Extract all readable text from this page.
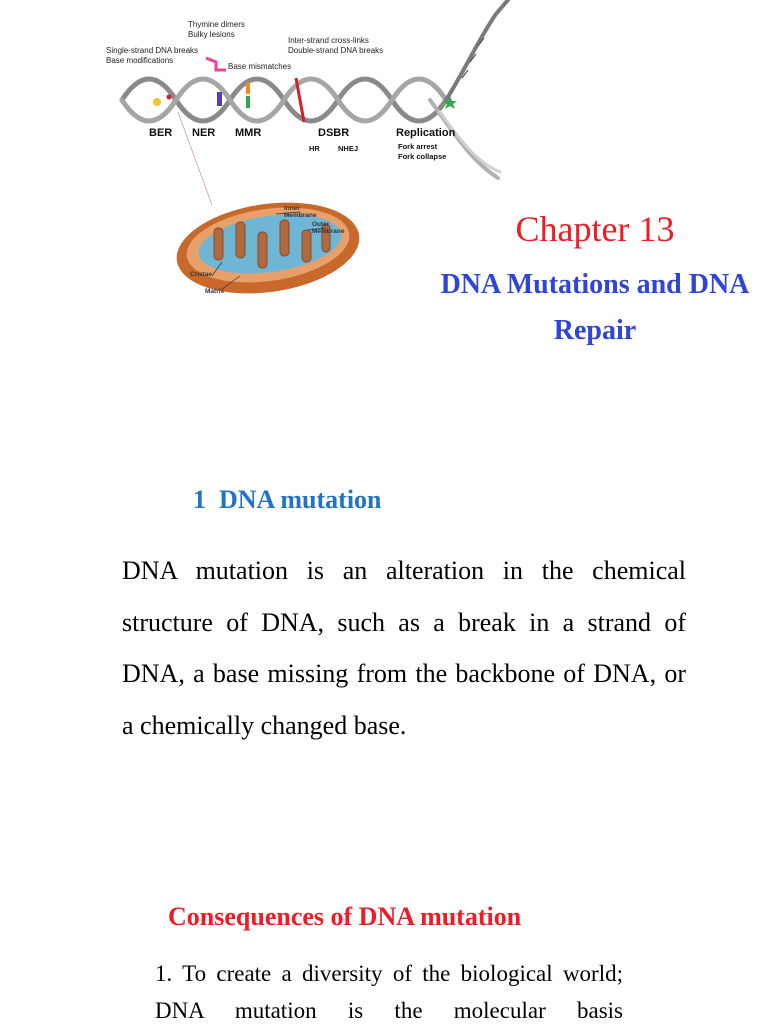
Single-strand DNA breaks
Base modifications
Thymine dimers
Bulky lesions
Base mismatches
Inter-strand cross-links
Double-strand DNA breaks
BER NER MMR	DSBR
HR NHEJ
Replication
Fork arrest
Fork collapse
Inner
Membrane
Outer
Membrane
Cristae
Matrix
Chapter 13
DNA Mutations and DNA Repair
1  DNA mutation
DNA mutation is an alteration in the chemical structure of DNA, such as a break in a strand of DNA, a base missing from the backbone of DNA, or a chemically changed base.
Consequences of DNA mutation
1. To create a diversity of the biological world; DNA mutation is the molecular basis
